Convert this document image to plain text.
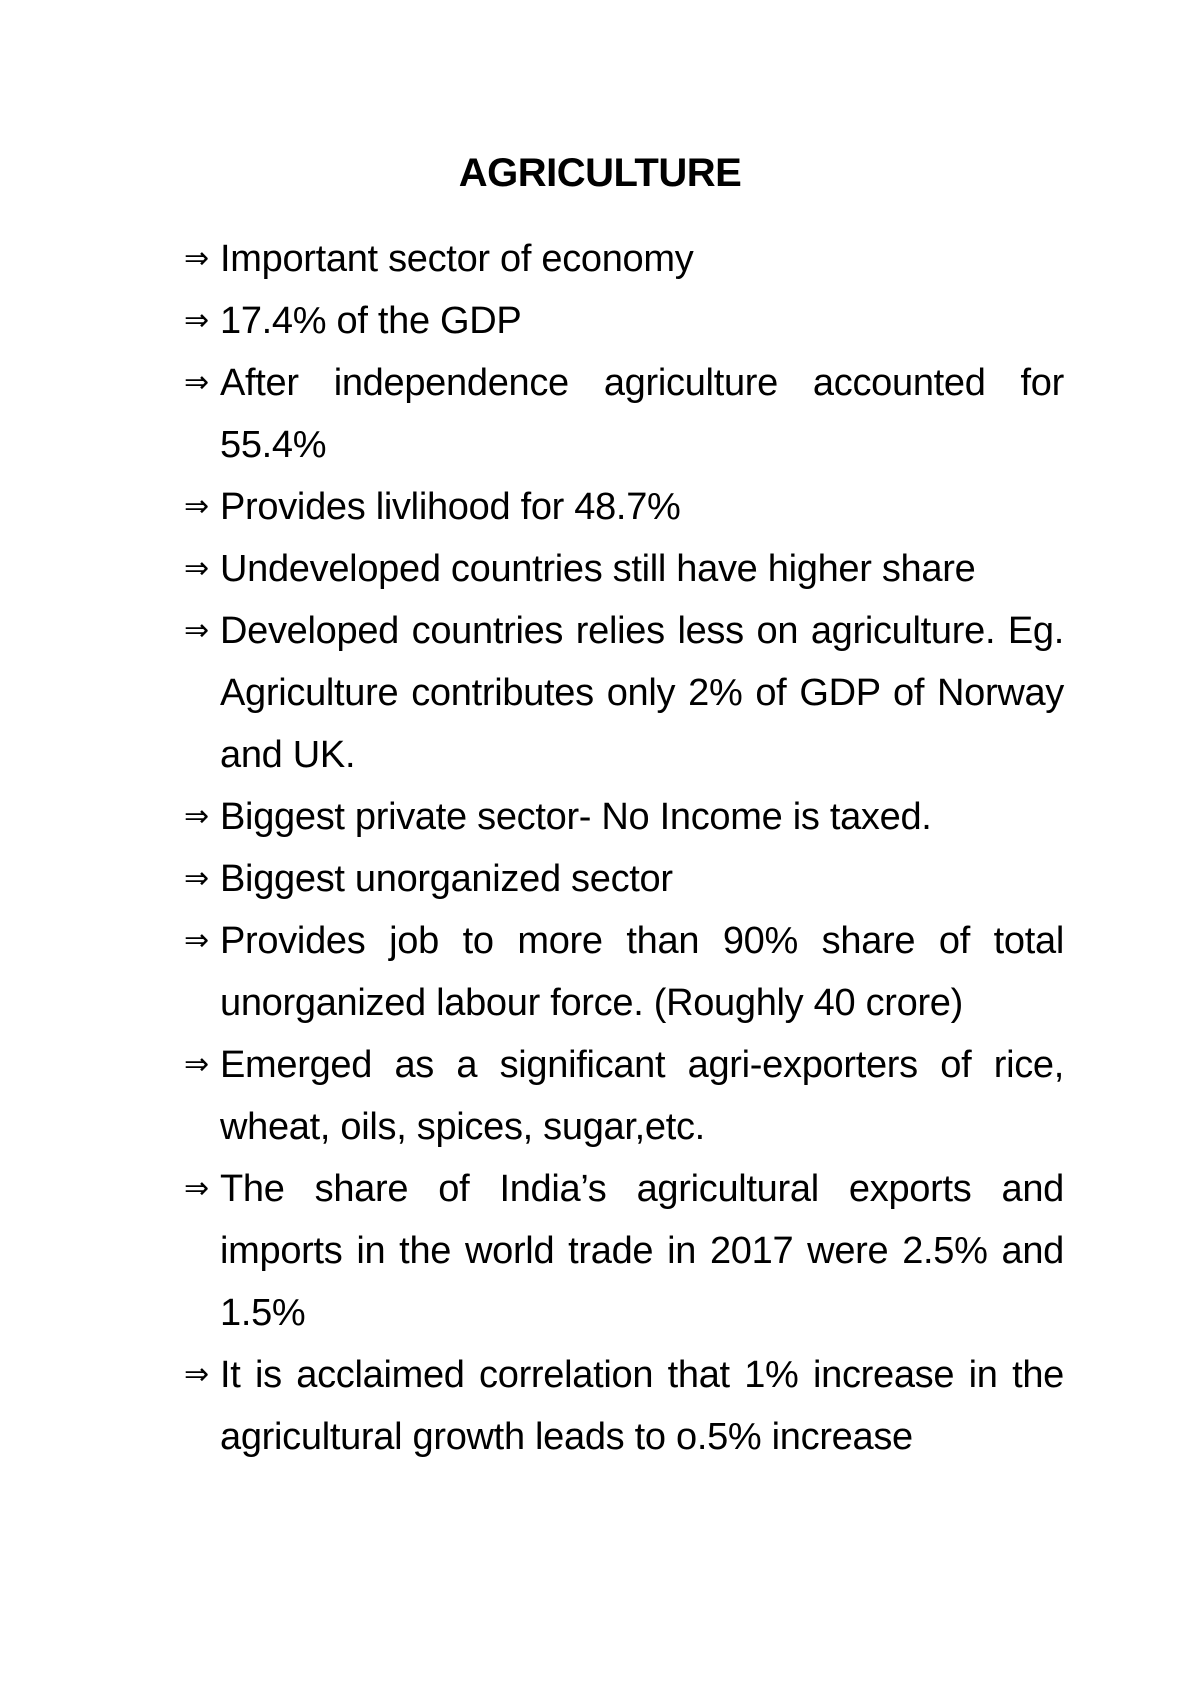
AGRICULTURE
⇒ Important sector of economy
⇒ 17.4% of the GDP
⇒ After independence agriculture accounted for 55.4%
⇒ Provides livlihood for 48.7%
⇒ Undeveloped countries still have higher share
⇒ Developed countries relies less on agriculture. Eg. Agriculture contributes only 2% of GDP of Norway and UK.
⇒ Biggest private sector- No Income is taxed.
⇒ Biggest unorganized sector
⇒ Provides job to more than 90% share of total unorganized labour force. (Roughly 40 crore)
⇒ Emerged as a significant agri-exporters of rice, wheat, oils, spices, sugar,etc.
⇒ The share of India’s agricultural exports and imports in the world trade in 2017 were 2.5% and 1.5%
⇒ It is acclaimed correlation that 1% increase in the agricultural growth leads to o.5% increase
